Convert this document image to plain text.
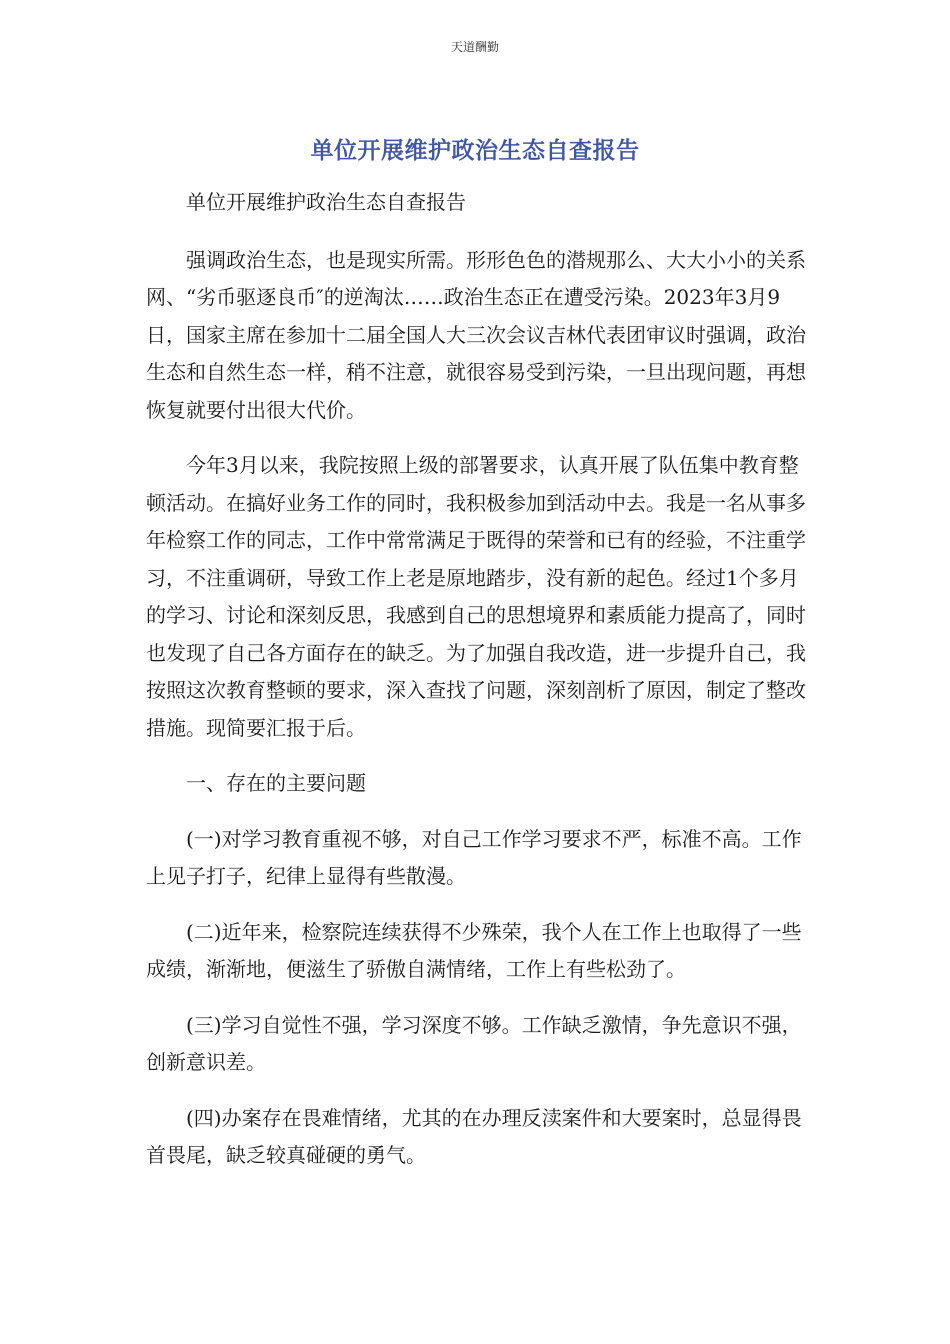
天道酬勤
单位开展维护政治生态自查报告

单位开展维护政治生态自查报告

强调政治生态，也是现实所需。形形色色的潜规那么、大大小小的关系网、“劣币驱逐良币″的逆淘汰……政治生态正在遭受污染。2023年3月9日，国家主席在参加十二届全国人大三次会议吉林代表团审议时强调，政治生态和自然生态一样，稍不注意，就很容易受到污染，一旦出现问题，再想恢复就要付出很大代价。

今年3月以来，我院按照上级的部署要求，认真开展了队伍集中教育整顿活动。在搞好业务工作的同时，我积极参加到活动中去。我是一名从事多年检察工作的同志，工作中常常满足于既得的荣誉和已有的经验，不注重学习，不注重调研，导致工作上老是原地踏步，没有新的起色。经过1个多月的学习、讨论和深刻反思，我感到自己的思想境界和素质能力提高了，同时也发现了自己各方面存在的缺乏。为了加强自我改造，进一步提升自己，我按照这次教育整顿的要求，深入查找了问题，深刻剖析了原因，制定了整改措施。现简要汇报于后。

一、存在的主要问题

(一)对学习教育重视不够，对自己工作学习要求不严，标准不高。工作上见子打子，纪律上显得有些散漫。

(二)近年来，检察院连续获得不少殊荣，我个人在工作上也取得了一些成绩，渐渐地，便滋生了骄傲自满情绪，工作上有些松劲了。

(三)学习自觉性不强，学习深度不够。工作缺乏激情，争先意识不强，创新意识差。

(四)办案存在畏难情绪，尤其的在办理反渎案件和大要案时，总显得畏首畏尾，缺乏较真碰硬的勇气。
